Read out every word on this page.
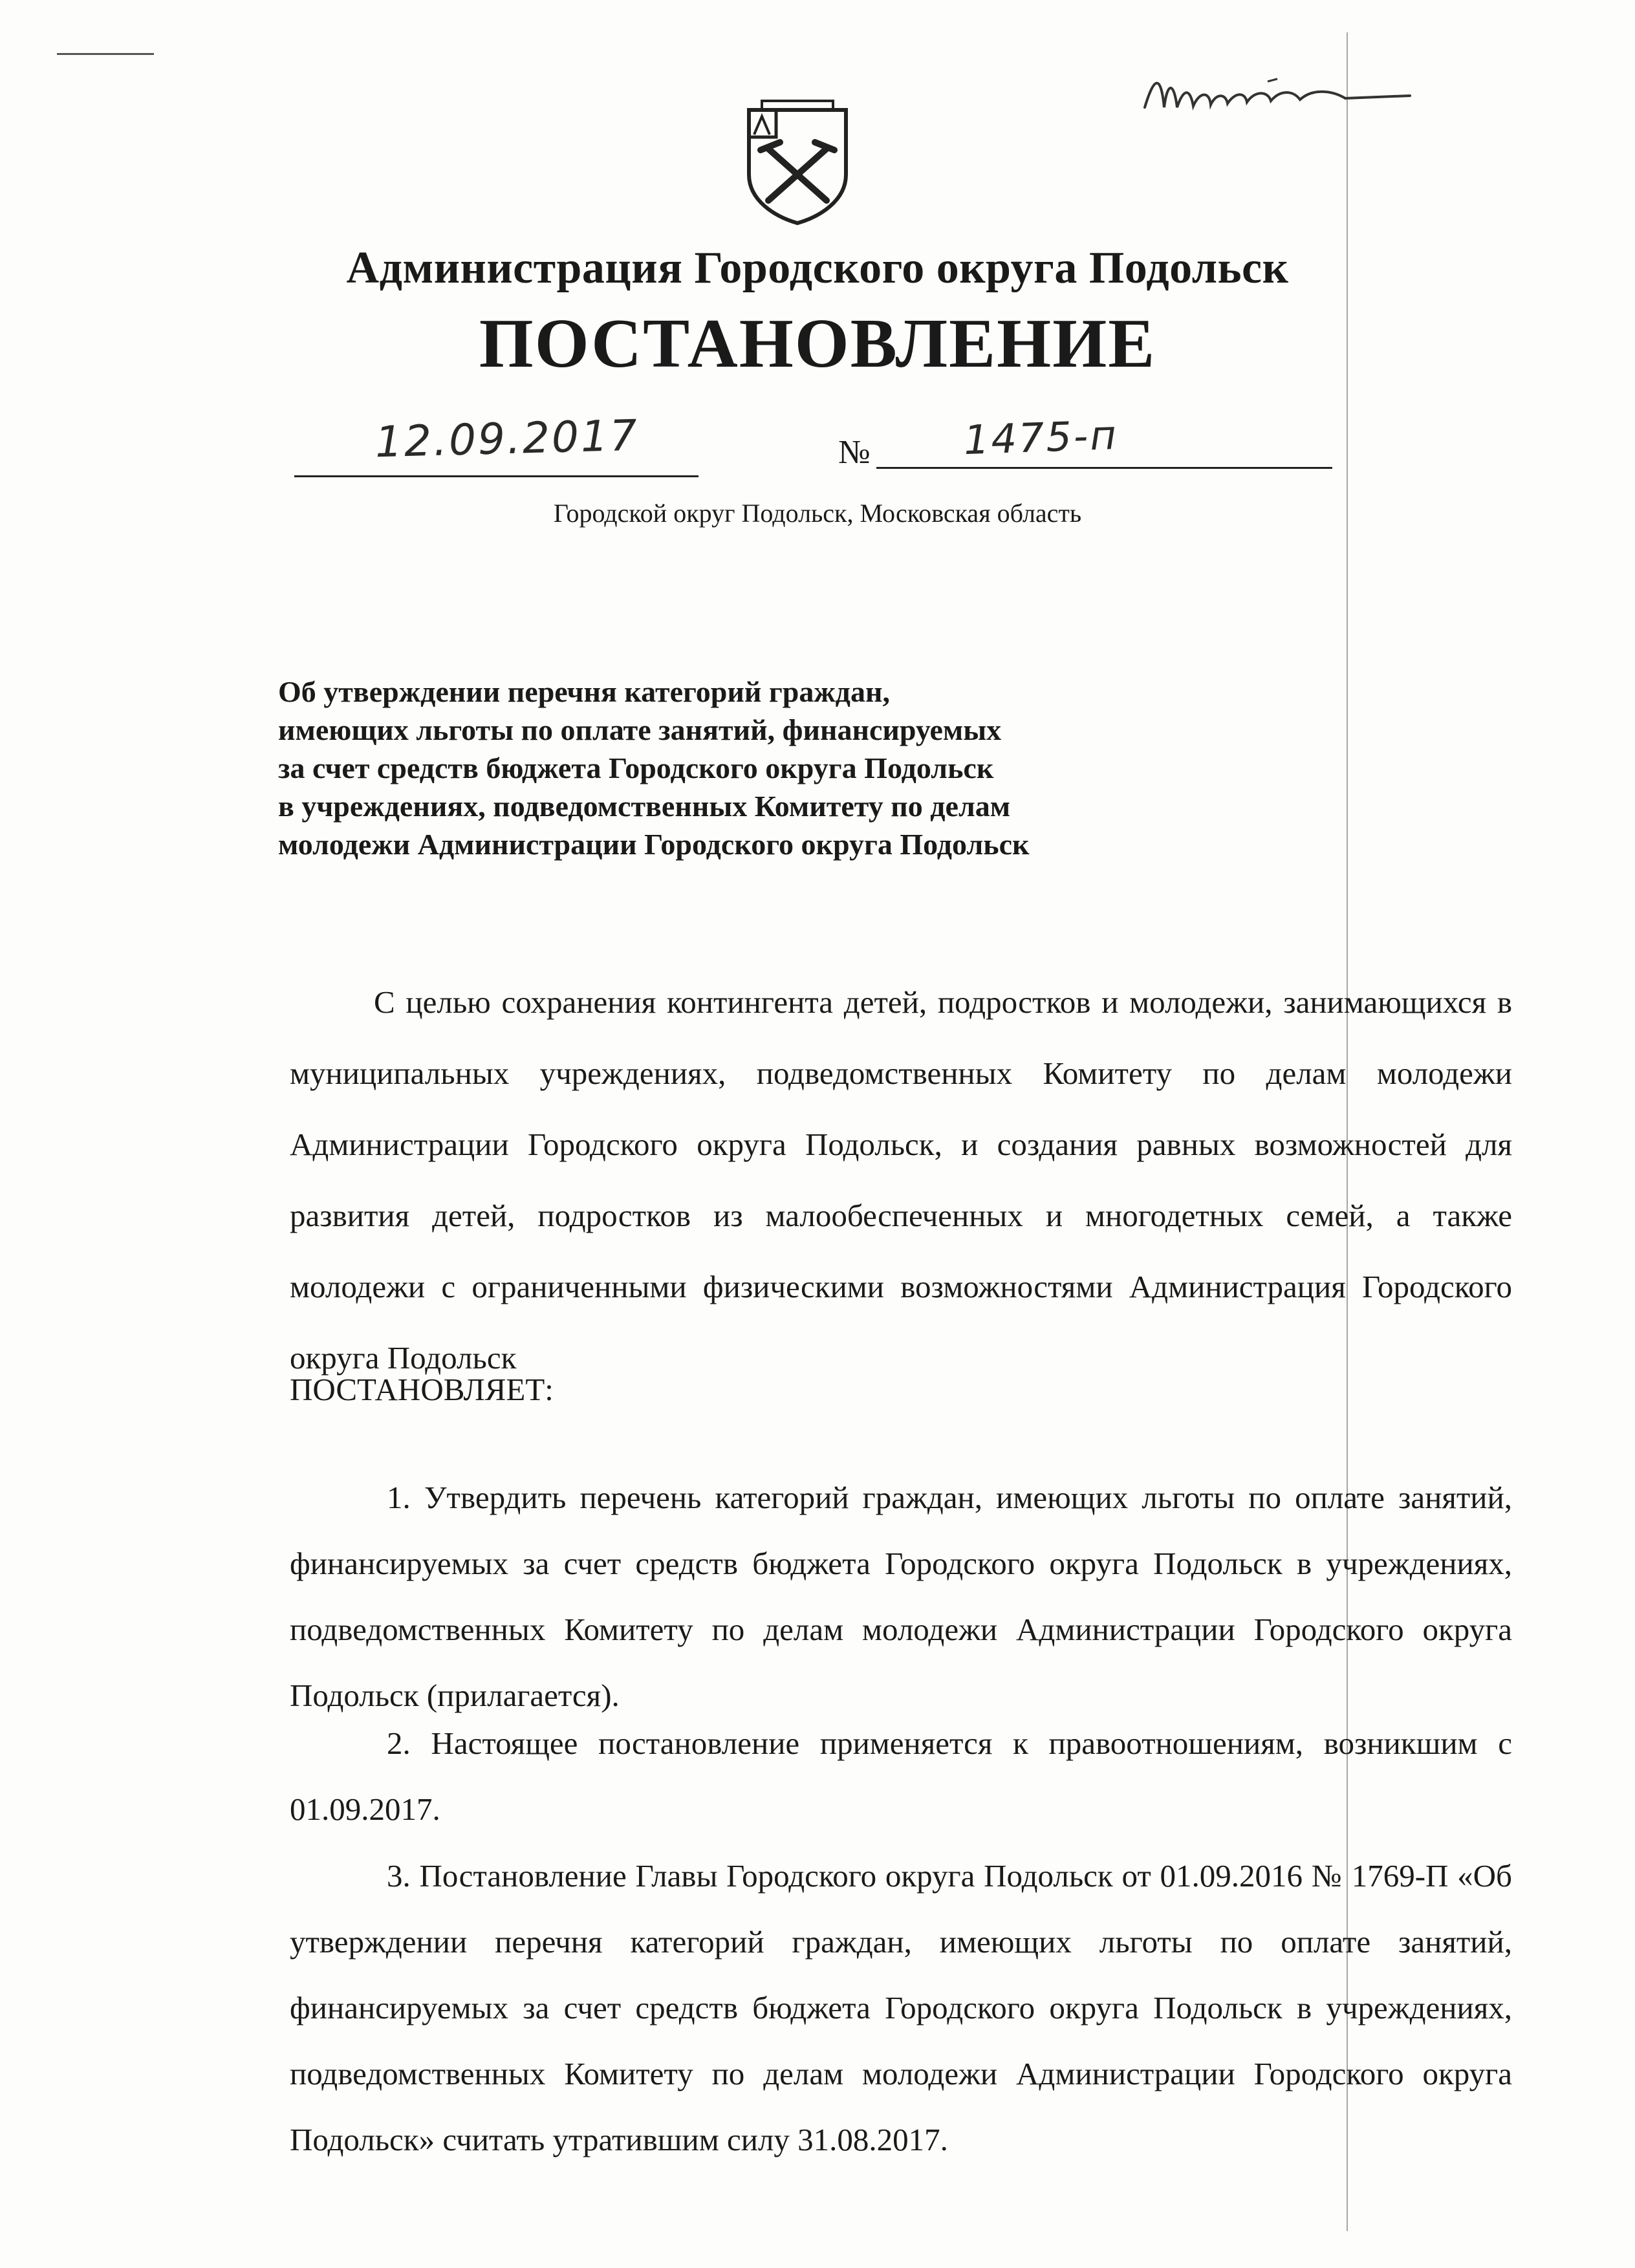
Администрация Городского округа Подольск
ПОСТАНОВЛЕНИЕ
12.09.2017	№ 1475-п
Городской округ Подольск, Московская область
Об утверждении перечня категорий граждан,
имеющих льготы по оплате занятий, финансируемых
за счет средств бюджета Городского округа Подольск
в учреждениях, подведомственных Комитету по делам
молодежи Администрации Городского округа Подольск
С целью сохранения контингента детей, подростков и молодежи, занимающихся в муниципальных учреждениях, подведомственных Комитету по делам молодежи Администрации Городского округа Подольск, и создания равных возможностей для развития детей, подростков из малообеспеченных и многодетных семей, а также молодежи с ограниченными физическими возможностями Администрация Городского округа Подольск
ПОСТАНОВЛЯЕТ:
1. Утвердить перечень категорий граждан, имеющих льготы по оплате занятий, финансируемых за счет средств бюджета Городского округа Подольск в учреждениях, подведомственных Комитету по делам молодежи Администрации Городского округа Подольск (прилагается).
2. Настоящее постановление применяется к правоотношениям, возникшим с 01.09.2017.
3. Постановление Главы Городского округа Подольск от 01.09.2016 № 1769-П «Об утверждении перечня категорий граждан, имеющих льготы по оплате занятий, финансируемых за счет средств бюджета Городского округа Подольск в учреждениях, подведомственных Комитету по делам молодежи Администрации Городского округа Подольск» считать утратившим силу 31.08.2017.
